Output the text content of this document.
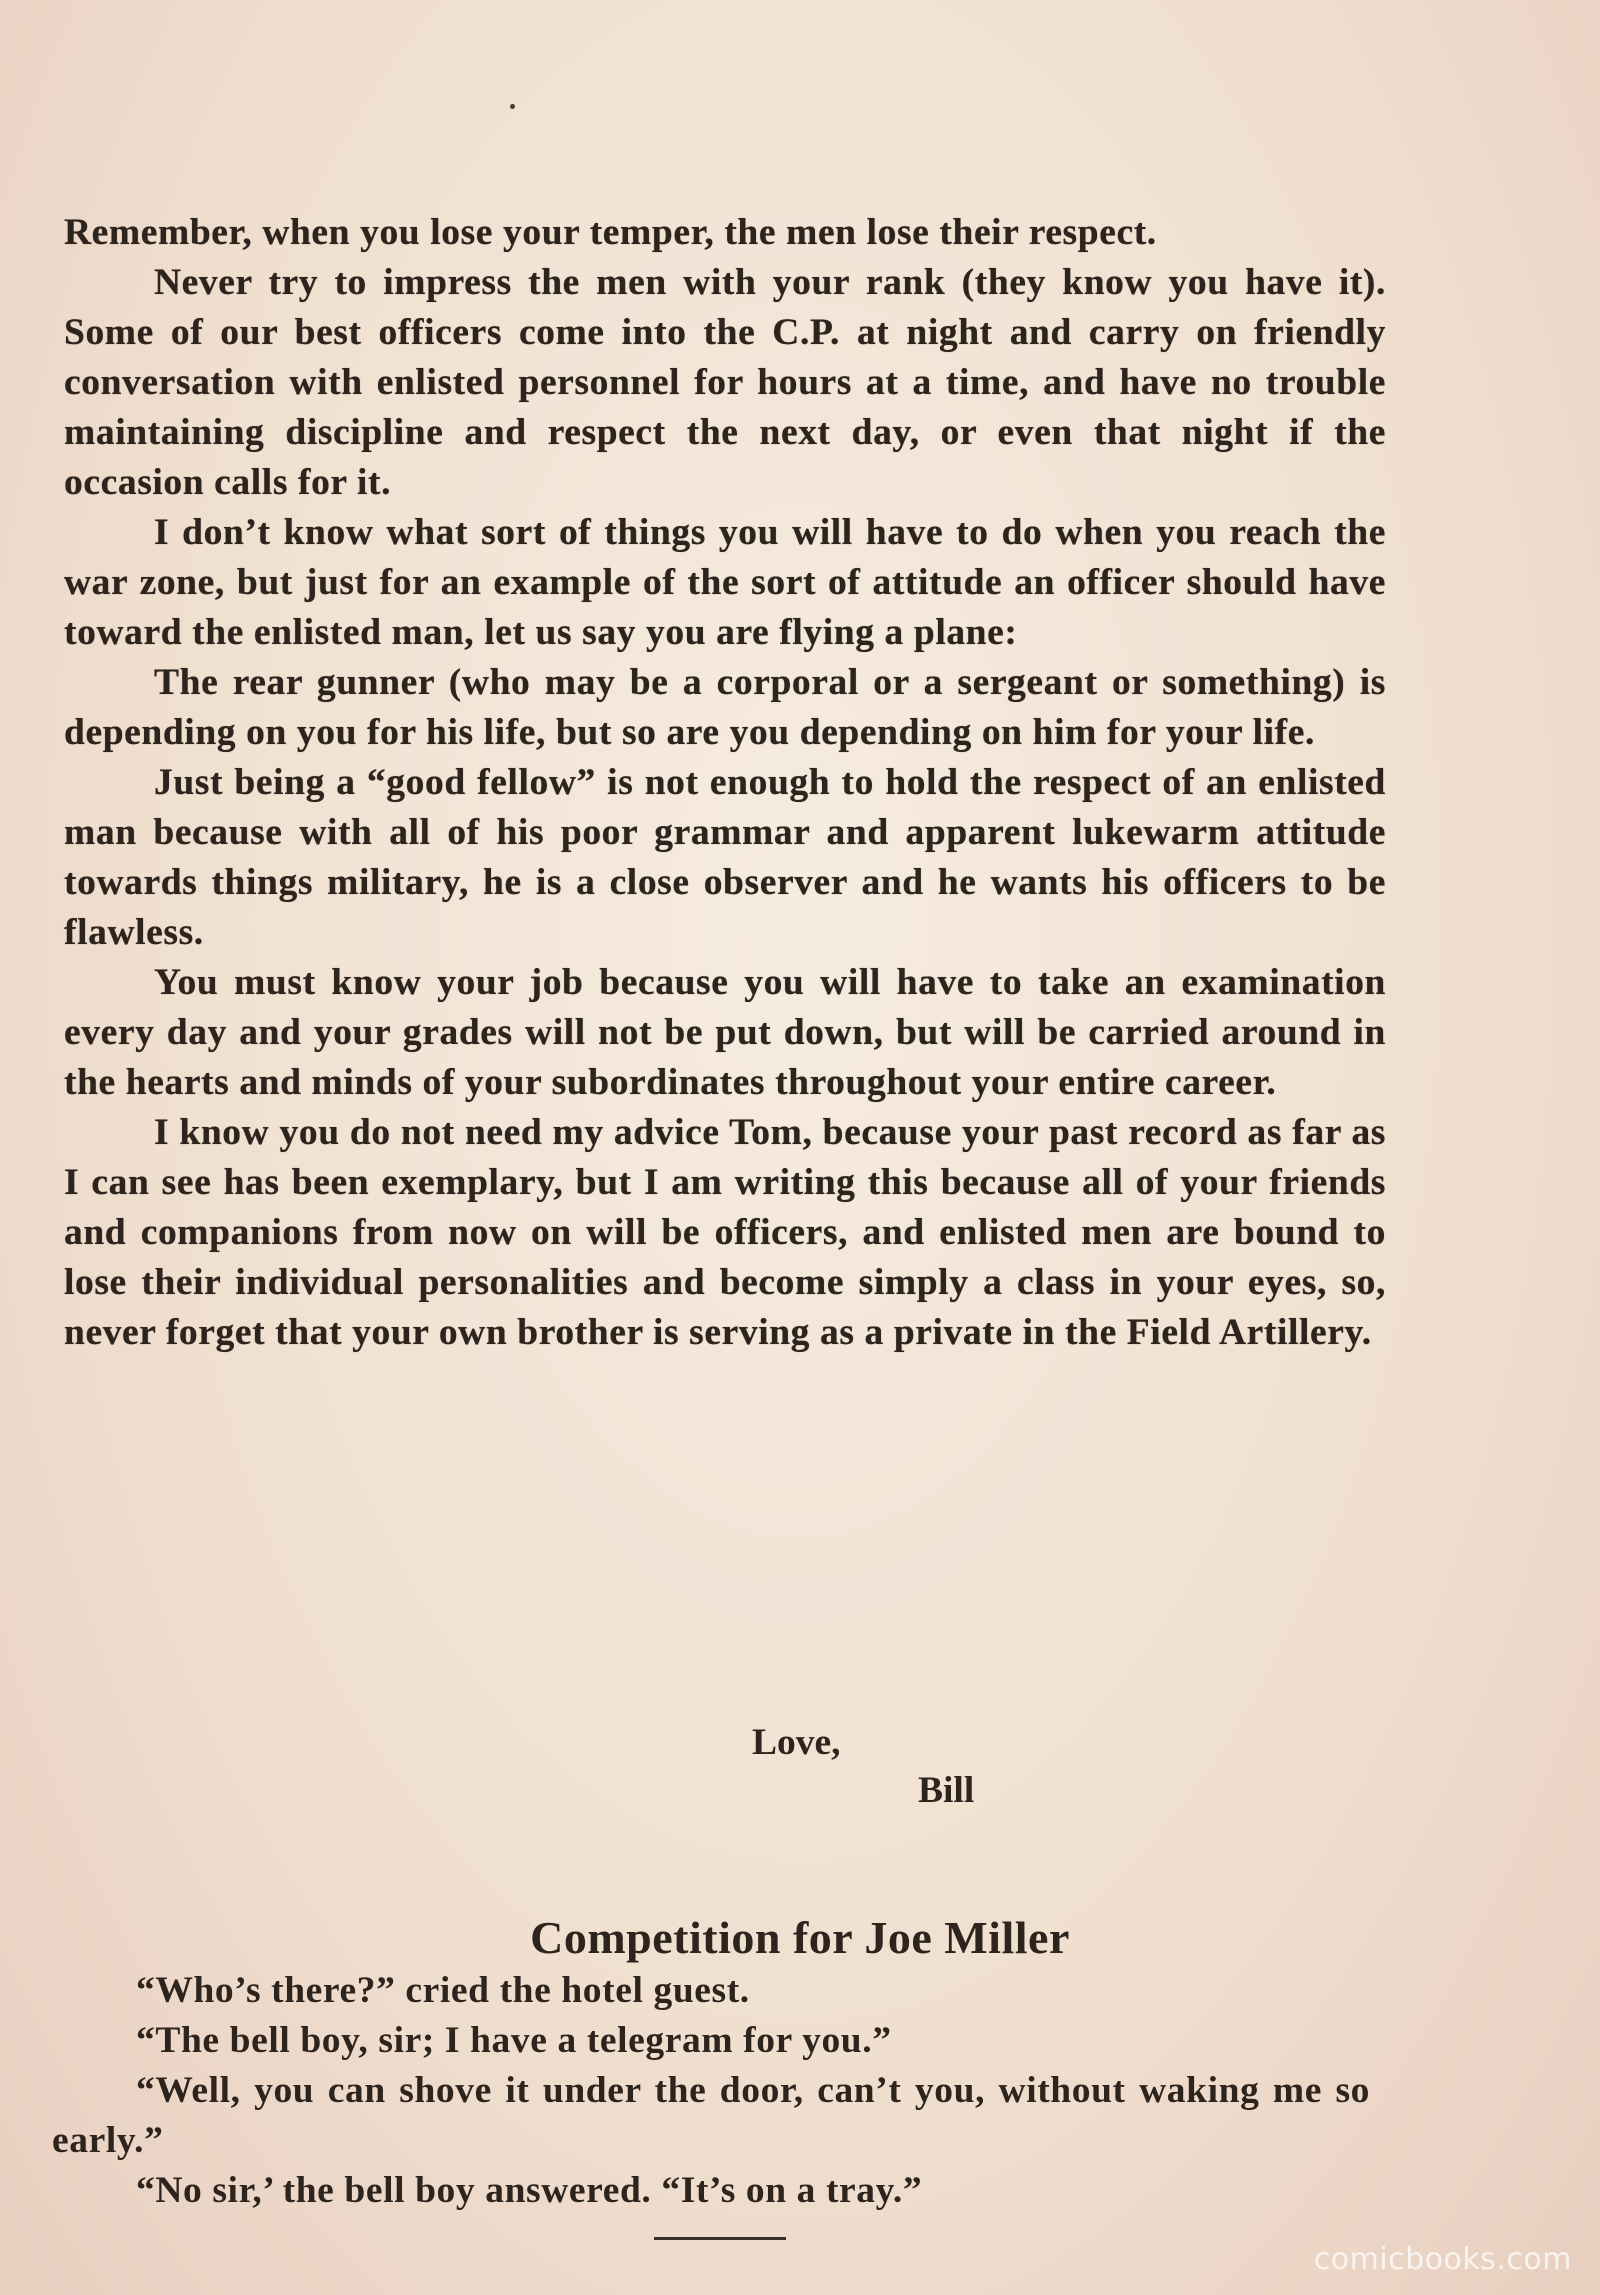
Remember, when you lose your temper, the men lose their respect.

Never try to impress the men with your rank (they know you have it). Some of our best officers come into the C.P. at night and carry on friendly conversation with enlisted personnel for hours at a time, and have no trouble maintaining discipline and respect the next day, or even that night if the occasion calls for it.

I don’t know what sort of things you will have to do when you reach the war zone, but just for an example of the sort of attitude an officer should have toward the enlisted man, let us say you are flying a plane:

The rear gunner (who may be a corporal or a sergeant or something) is depending on you for his life, but so are you depending on him for your life.

Just being a “good fellow” is not enough to hold the respect of an enlisted man because with all of his poor grammar and apparent lukewarm attitude towards things military, he is a close observer and he wants his officers to be flawless.

You must know your job because you will have to take an examination every day and your grades will not be put down, but will be carried around in the hearts and minds of your subordinates throughout your entire career.

I know you do not need my advice Tom, because your past record as far as I can see has been exemplary, but I am writing this because all of your friends and companions from now on will be officers, and enlisted men are bound to lose their individual personalities and become simply a class in your eyes, so, never forget that your own brother is serving as a private in the Field Artillery.

Love,
Bill
Competition for Joe Miller

“Who’s there?” cried the hotel guest.

“The bell boy, sir; I have a telegram for you.”

“Well, you can shove it under the door, can’t you, without waking me so early.”

“No sir,’ the bell boy answered. “It’s on a tray.”

comicbooks.com
